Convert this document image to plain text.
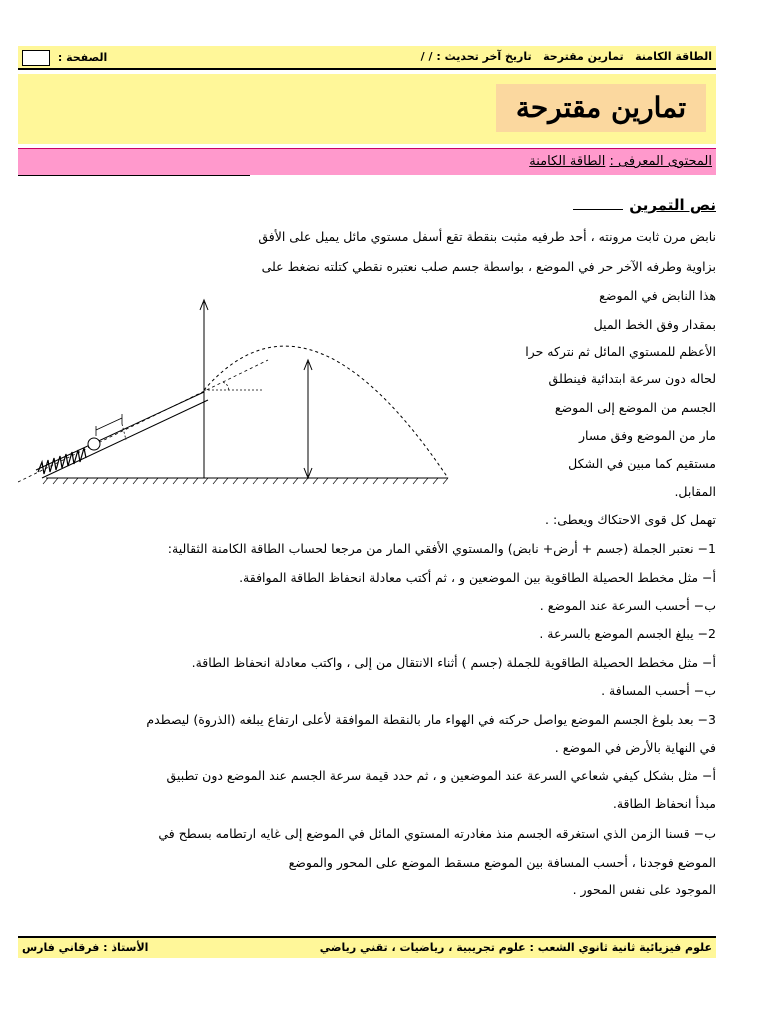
الطاقة الكامنة   تمارين مقترحة   تاريخ آخر تحديث : / /
الصفحة :
تمارين مقترحة
المحتوى المعرفى : الطاقة الكامنة
نص التمرين
نابض مرن ثابت مرونته ، أحد طرفيه مثبت بنقطة تقع أسفل مستوي مائل يميل على الأفق
بزاوية وطرفه الآخر حر في الموضع ، بواسطة جسم صلب نعتبره نقطي كتلته نضغط على
هذا النابض في الموضع
بمقدار وفق الخط الميل
الأعظم للمستوي المائل ثم نتركه حرا
لحاله دون سرعة ابتدائية فينطلق
الجسم من الموضع إلى الموضع
مار من الموضع وفق مسار
مستقيم كما مبين في الشكل
المقابل.
تهمل كل قوى الاحتكاك ويعطى: .
1− نعتبر الجملة (جسم + أرض+ نابض) والمستوي الأفقي المار من مرجعا لحساب الطاقة الكامنة الثقالية:
أ− مثل مخطط الحصيلة الطاقوية بين الموضعين و ، ثم أكتب معادلة انحفاظ الطاقة الموافقة.
ب− أحسب السرعة عند الموضع .
2− يبلغ الجسم الموضع بالسرعة .
أ− مثل مخطط الحصيلة الطاقوية للجملة (جسم ) أثناء الانتقال من إلى ، واكتب معادلة انحفاظ الطاقة.
ب− أحسب المسافة .
3− بعد بلوغ الجسم الموضع يواصل حركته في الهواء مار بالنقطة الموافقة لأعلى ارتفاع يبلغه (الذروة) ليصطدم
في النهاية بالأرض في الموضع .
أ− مثل بشكل كيفي شعاعي السرعة عند الموضعين و ، ثم حدد قيمة سرعة الجسم عند الموضع دون تطبيق
مبدأ انحفاظ الطاقة.
ب− قسنا الزمن الذي استغرقه الجسم منذ مغادرته المستوي المائل في الموضع إلى غايه ارتطامه بسطح في
الموضع فوجدنا ، أحسب المسافة بين الموضع مسقط الموضع على المحور والموضع
الموجود على نفس المحور .
علوم فيزيائية ثانية ثانوي الشعب : علوم تجريبية ، رياضيات ، تقني رياضي
الأستاذ : فرقاني فارس
